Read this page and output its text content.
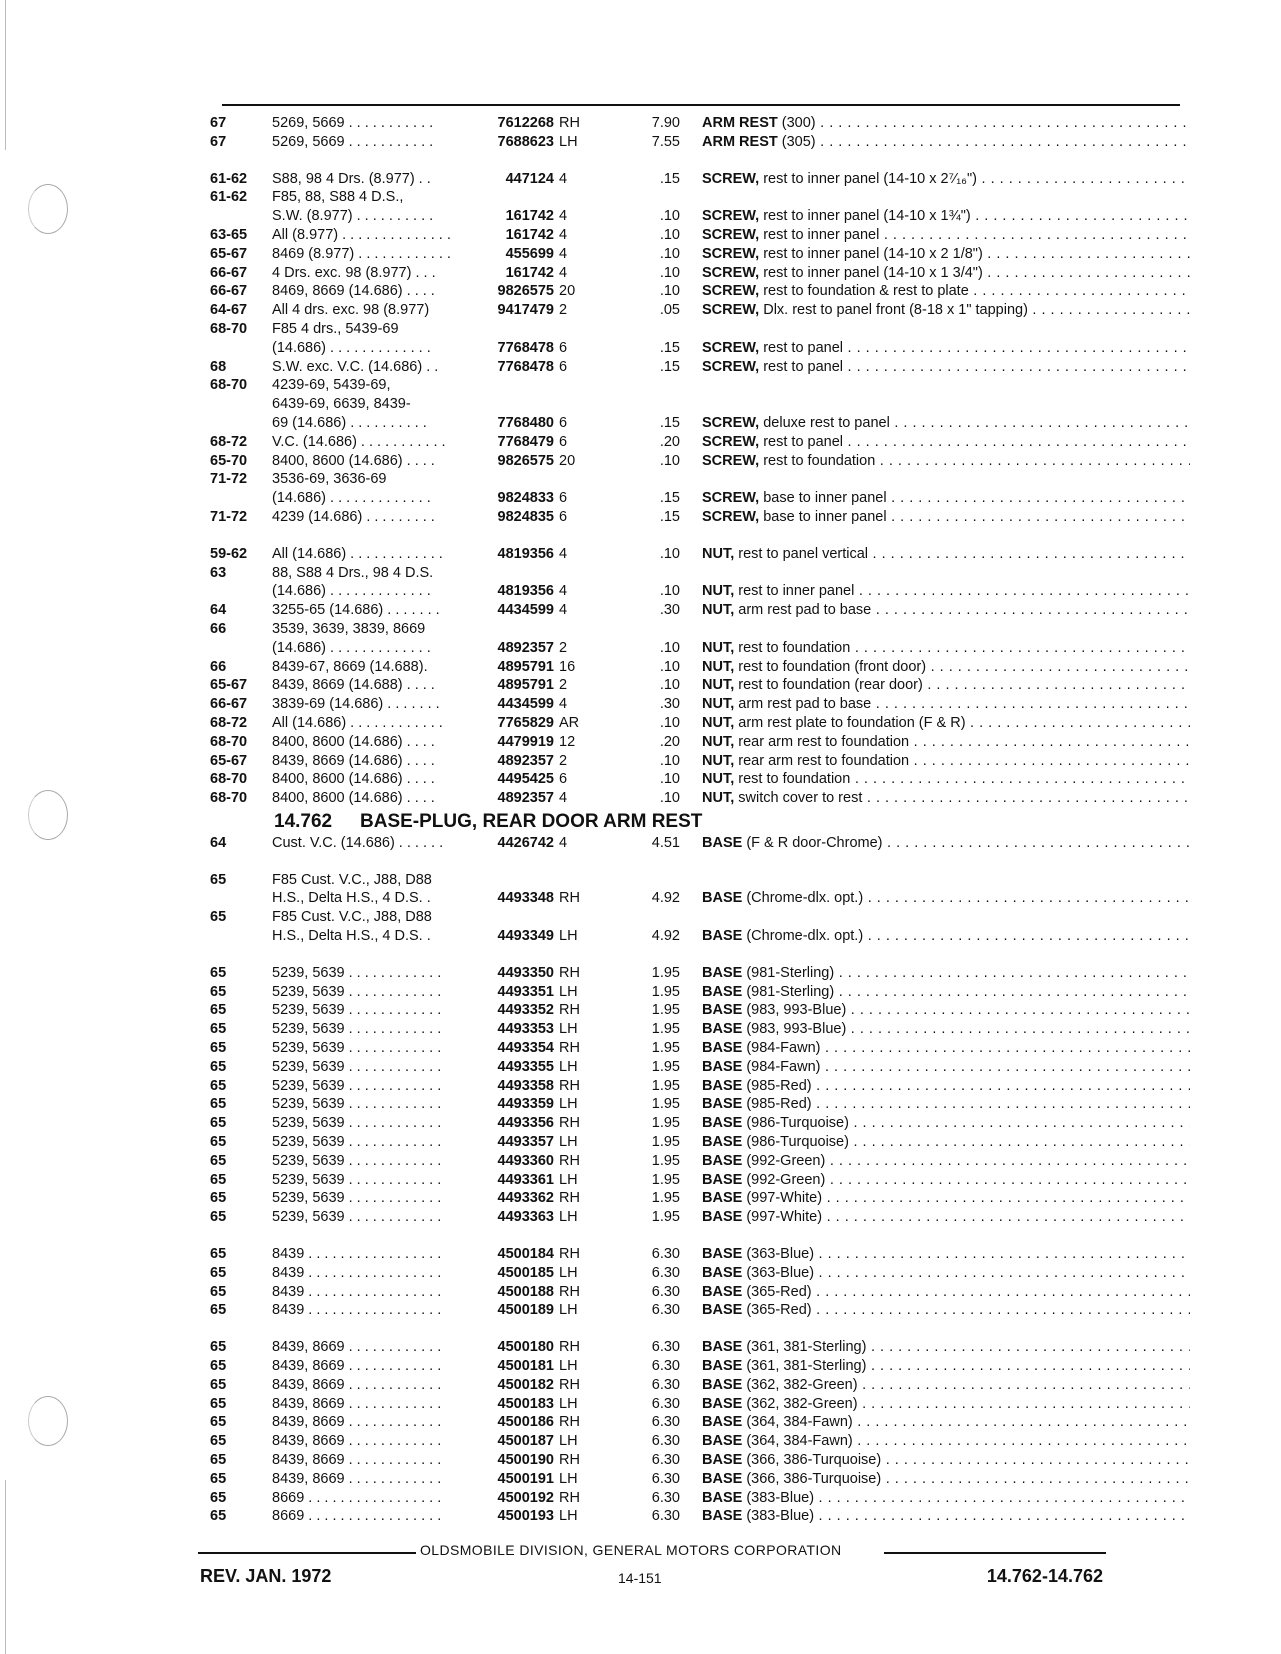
67	5269, 5669 . . . . . . . . . . .	7612268 RH	7.90 ARM REST (300) . . .
67	5269, 5669 . . . . . . . . . . .	7688623 LH	7.55 ARM REST (305) . . .
61-62	S88, 98 4 Drs. (8.977) . .	447124 4	.15 SCREW, rest to inner panel (14-10 x 2⁷⁄₁₆") . . .
61-62	F85, 88, S88 4 D.S.,
S.W. (8.977) . . . . . . . . . .	161742 4	.10 SCREW, rest to inner panel (14-10 x 1¾") . . .
63-65	All (8.977) . . . . . . . . . . . . . .	161742 4	.10 SCREW, rest to inner panel . . .
65-67	8469 (8.977) . . . . . . . . . . . .	455699 4	.10 SCREW, rest to inner panel (14-10 x 2 1/8") . . .
66-67	4 Drs. exc. 98 (8.977) . . .	161742 4	.10 SCREW, rest to inner panel (14-10 x 1 3/4") . . .
66-67	8469, 8669 (14.686) . . . .	9826575 20	.10 SCREW, rest to foundation & rest to plate . . .
64-67	All 4 drs. exc. 98 (8.977)	9417479 2	.05 SCREW, Dlx. rest to panel front (8-18 x 1" tapping) . . .
68-70	F85 4 drs., 5439-69
(14.686) . . . . . . . . . . . . .	7768478 6	.15 SCREW, rest to panel . . .
68	S.W. exc. V.C. (14.686) . .	7768478 6	.15 SCREW, rest to panel . . .
68-70	4239-69, 5439-69,
6439-69, 6639, 8439-
69 (14.686) . . . . . . . . . .	7768480 6	.15 SCREW, deluxe rest to panel . . .
68-72	V.C. (14.686) . . . . . . . . . . .	7768479 6	.20 SCREW, rest to panel . . .
65-70	8400, 8600 (14.686) . . . .	9826575 20	.10 SCREW, rest to foundation . . .
71-72	3536-69, 3636-69
(14.686) . . . . . . . . . . . . .	9824833 6	.15 SCREW, base to inner panel . . .
71-72	4239 (14.686) . . . . . . . . .	9824835 6	.15 SCREW, base to inner panel . . .
59-62	All (14.686) . . . . . . . . . . . .	4819356 4	.10 NUT, rest to panel vertical . . .
63	88, S88 4 Drs., 98 4 D.S.
(14.686) . . . . . . . . . . . . .	4819356 4	.10 NUT, rest to inner panel . . .
64	3255-65 (14.686) . . . . . . .	4434599 4	.30 NUT, arm rest pad to base . . .
66	3539, 3639, 3839, 8669
(14.686) . . . . . . . . . . . . .	4892357 2	.10 NUT, rest to foundation . . .
66	8439-67, 8669 (14.688).	4895791 16	.10 NUT, rest to foundation (front door) . . .
65-67	8439, 8669 (14.688) . . . .	4895791 2	.10 NUT, rest to foundation (rear door) . . .
66-67	3839-69 (14.686) . . . . . . .	4434599 4	.30 NUT, arm rest pad to base . . .
68-72	All (14.686) . . . . . . . . . . . .	7765829 AR	.10 NUT, arm rest plate to foundation (F & R) . . .
68-70	8400, 8600 (14.686) . . . .	4479919 12	.20 NUT, rear arm rest to foundation . . .
65-67	8439, 8669 (14.686) . . . .	4892357 2	.10 NUT, rear arm rest to foundation . . .
68-70	8400, 8600 (14.686) . . . .	4495425 6	.10 NUT, rest to foundation . . .
68-70	8400, 8600 (14.686) . . . .	4892357 4	.10 NUT, switch cover to rest . . .
14.762 BASE-PLUG, REAR DOOR ARM REST
64	Cust. V.C. (14.686) . . . . . .	4426742 4	4.51 BASE (F & R door-Chrome) . . .
65	F85 Cust. V.C., J88, D88
H.S., Delta H.S., 4 D.S. .	4493348 RH	4.92 BASE (Chrome-dlx. opt.) . . .
65	F85 Cust. V.C., J88, D88
H.S., Delta H.S., 4 D.S. .	4493349 LH	4.92 BASE (Chrome-dlx. opt.) . . .
65	5239, 5639 . . . . . . . . . . . .	4493350 RH	1.95 BASE (981-Sterling) . . .
65	5239, 5639 . . . . . . . . . . . .	4493351 LH	1.95 BASE (981-Sterling) . . .
65	5239, 5639 . . . . . . . . . . . .	4493352 RH	1.95 BASE (983, 993-Blue) . . .
65	5239, 5639 . . . . . . . . . . . .	4493353 LH	1.95 BASE (983, 993-Blue) . . .
65	5239, 5639 . . . . . . . . . . . .	4493354 RH	1.95 BASE (984-Fawn) . . .
65	5239, 5639 . . . . . . . . . . . .	4493355 LH	1.95 BASE (984-Fawn) . . .
65	5239, 5639 . . . . . . . . . . . .	4493358 RH	1.95 BASE (985-Red) . . .
65	5239, 5639 . . . . . . . . . . . .	4493359 LH	1.95 BASE (985-Red) . . .
65	5239, 5639 . . . . . . . . . . . .	4493356 RH	1.95 BASE (986-Turquoise) . . .
65	5239, 5639 . . . . . . . . . . . .	4493357 LH	1.95 BASE (986-Turquoise) . . .
65	5239, 5639 . . . . . . . . . . . .	4493360 RH	1.95 BASE (992-Green) . . .
65	5239, 5639 . . . . . . . . . . . .	4493361 LH	1.95 BASE (992-Green) . . .
65	5239, 5639 . . . . . . . . . . . .	4493362 RH	1.95 BASE (997-White) . . .
65	5239, 5639 . . . . . . . . . . . .	4493363 LH	1.95 BASE (997-White) . . .
65	8439 . . . . . . . . . . . . . . . . .	4500184 RH	6.30 BASE (363-Blue) . . .
65	8439 . . . . . . . . . . . . . . . . .	4500185 LH	6.30 BASE (363-Blue) . . .
65	8439 . . . . . . . . . . . . . . . . .	4500188 RH	6.30 BASE (365-Red) . . .
65	8439 . . . . . . . . . . . . . . . . .	4500189 LH	6.30 BASE (365-Red) . . .
65	8439, 8669 . . . . . . . . . . . .	4500180 RH	6.30 BASE (361, 381-Sterling) . . .
65	8439, 8669 . . . . . . . . . . . .	4500181 LH	6.30 BASE (361, 381-Sterling) . . .
65	8439, 8669 . . . . . . . . . . . .	4500182 RH	6.30 BASE (362, 382-Green) . . .
65	8439, 8669 . . . . . . . . . . . .	4500183 LH	6.30 BASE (362, 382-Green) . . .
65	8439, 8669 . . . . . . . . . . . .	4500186 RH	6.30 BASE (364, 384-Fawn) . . .
65	8439, 8669 . . . . . . . . . . . .	4500187 LH	6.30 BASE (364, 384-Fawn) . . .
65	8439, 8669 . . . . . . . . . . . .	4500190 RH	6.30 BASE (366, 386-Turquoise) . . .
65	8439, 8669 . . . . . . . . . . . .	4500191 LH	6.30 BASE (366, 386-Turquoise) . . .
65	8669 . . . . . . . . . . . . . . . . .	4500192 RH	6.30 BASE (383-Blue) . . .
65	8669 . . . . . . . . . . . . . . . . .	4500193 LH	6.30 BASE (383-Blue) . . .
OLDSMOBILE DIVISION, GENERAL MOTORS CORPORATION
REV. JAN. 1972	14-151	14.762-14.762
